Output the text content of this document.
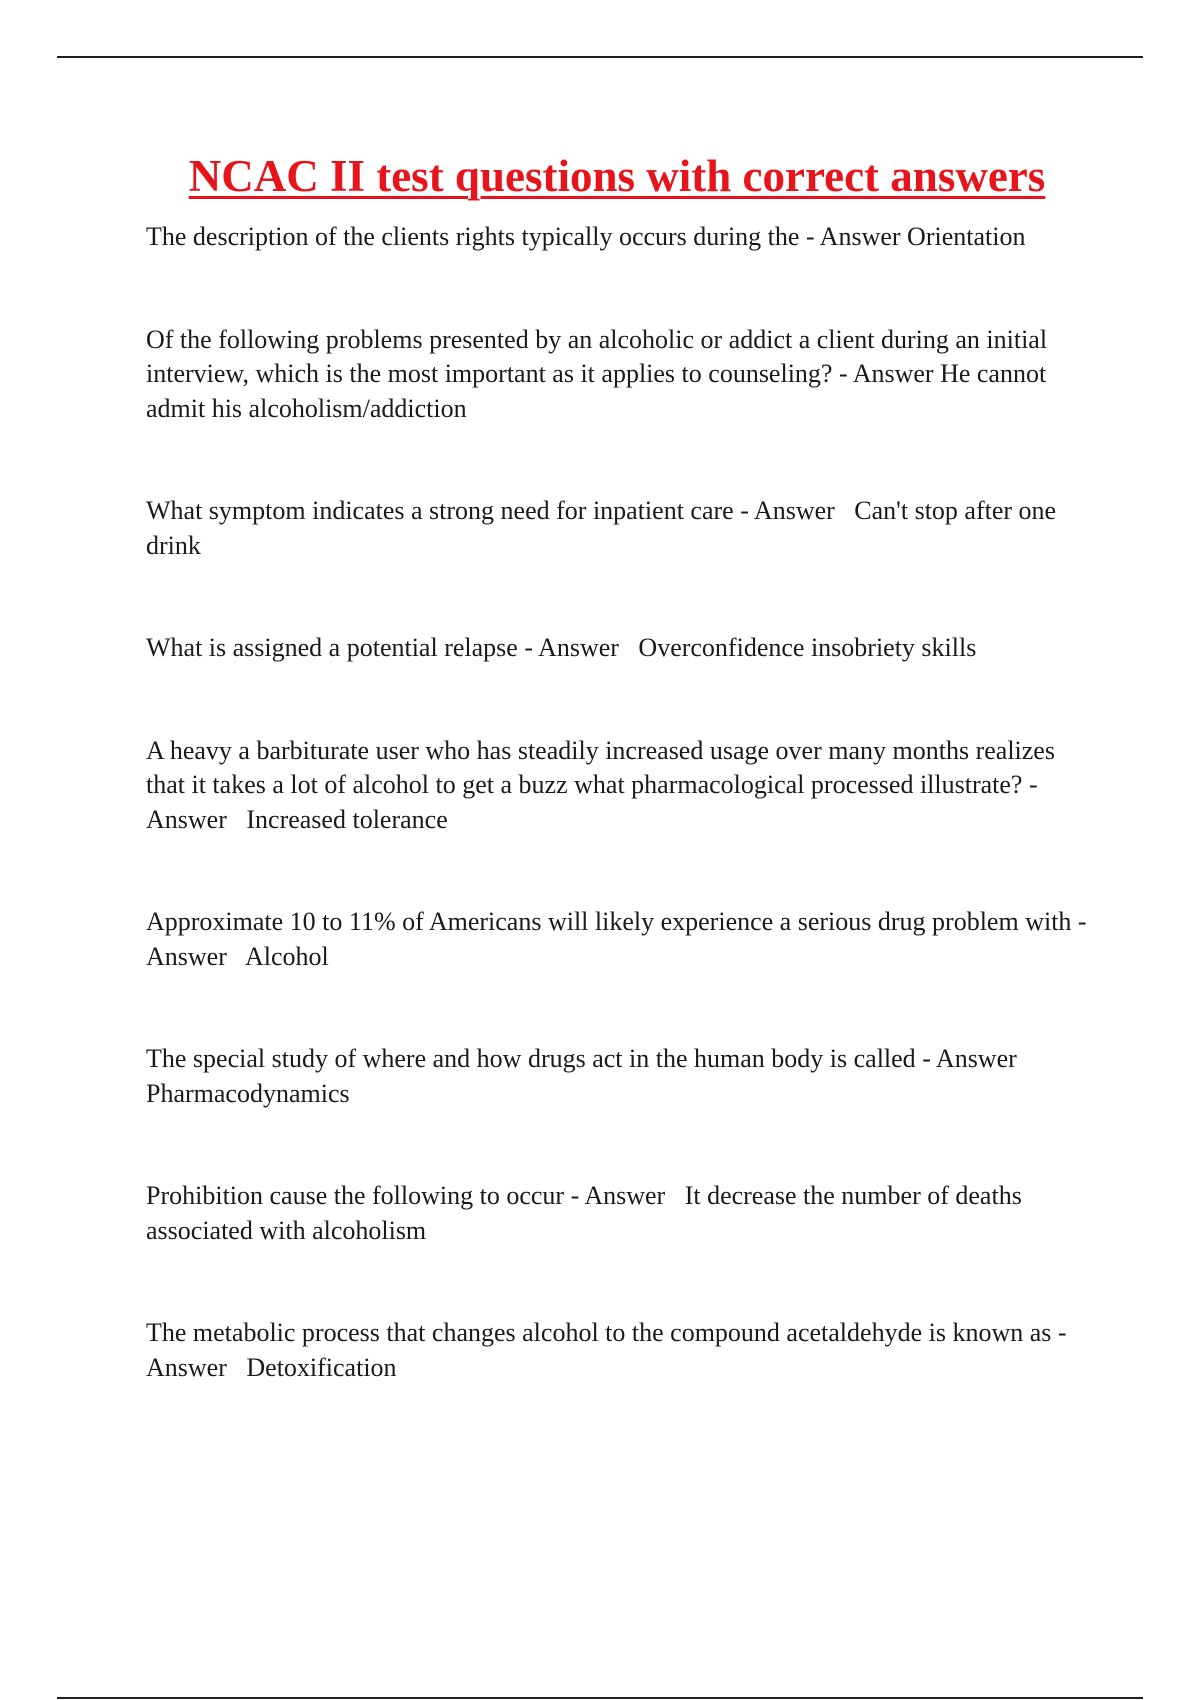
NCAC II test questions with correct answers

The description of the clients rights typically occurs during the - Answer Orientation

Of the following problems presented by an alcoholic or addict a client during an initial interview, which is the most important as it applies to counseling? - Answer He cannot admit his alcoholism/addiction

What symptom indicates a strong need for inpatient care - Answer   Can't stop after one drink

What is assigned a potential relapse - Answer   Overconfidence insobriety skills

A heavy a barbiturate user who has steadily increased usage over many months realizes that it takes a lot of alcohol to get a buzz what pharmacological processed illustrate? - Answer   Increased tolerance

Approximate 10 to 11% of Americans will likely experience a serious drug problem with - Answer   Alcohol

The special study of where and how drugs act in the human body is called - Answer   Pharmacodynamics

Prohibition cause the following to occur - Answer   It decrease the number of deaths associated with alcoholism

The metabolic process that changes alcohol to the compound acetaldehyde is known as - Answer   Detoxification
